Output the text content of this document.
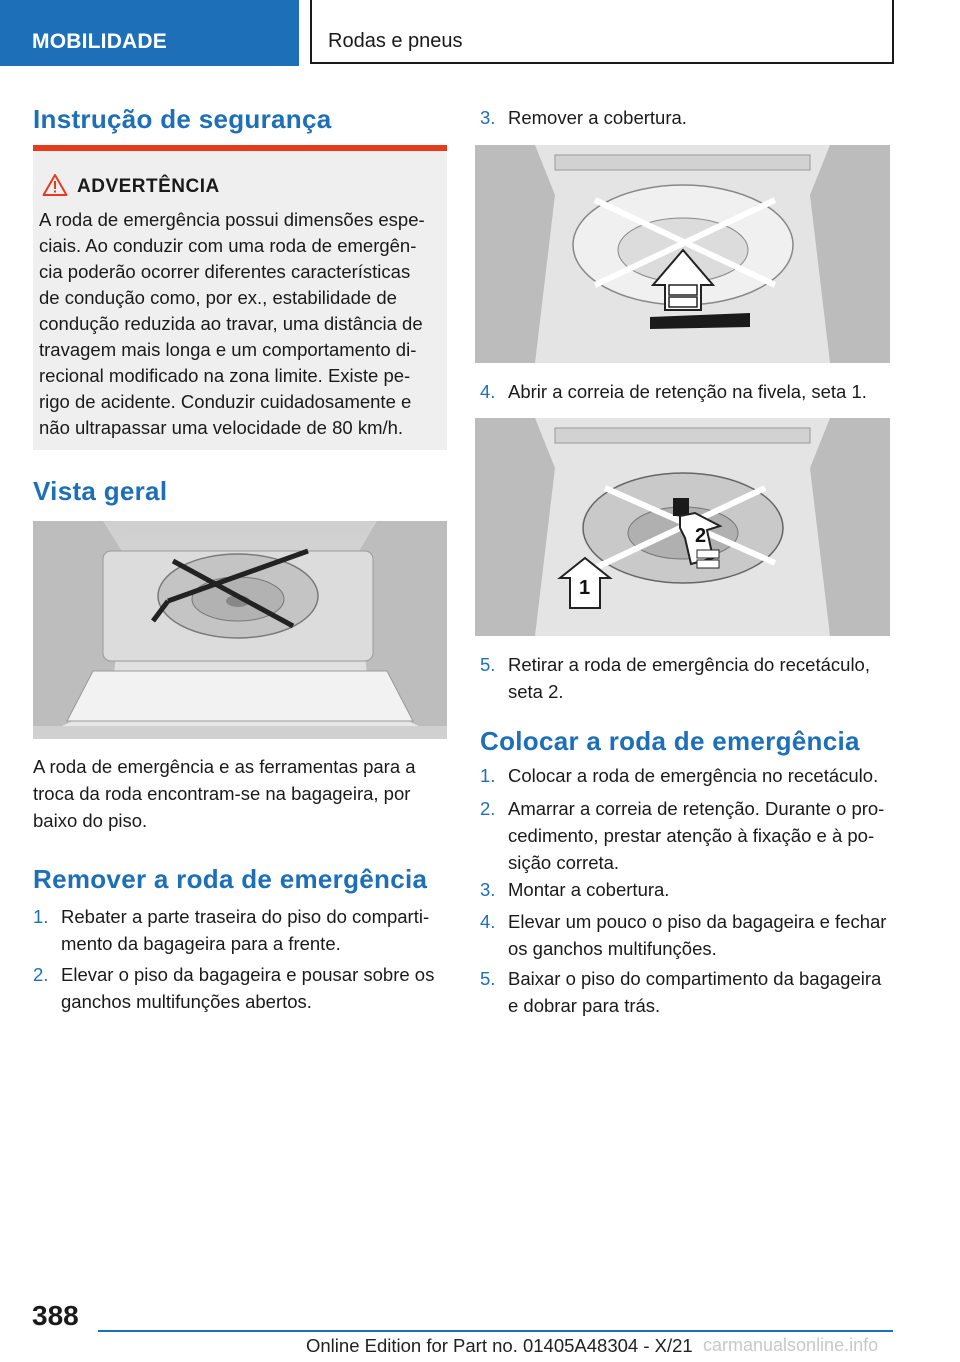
MOBILIDADE	Rodas e pneus
Instrução de segurança
ADVERTÊNCIA
A roda de emergência possui dimensões espe-
ciais. Ao conduzir com uma roda de emergên-
cia poderão ocorrer diferentes características
de condução como, por ex., estabilidade de
condução reduzida ao travar, uma distância de
travagem mais longa e um comportamento di-
recional modificado na zona limite. Existe pe-
rigo de acidente. Conduzir cuidadosamente e
não ultrapassar uma velocidade de 80 km/h.
Vista geral
A roda de emergência e as ferramentas para a
troca da roda encontram-se na bagageira, por
baixo do piso.
Remover a roda de emergência
1. Rebater a parte traseira do piso do comparti-
mento da bagageira para a frente.
2. Elevar o piso da bagageira e pousar sobre os
ganchos multifunções abertos.
3. Remover a cobertura.
4. Abrir a correia de retenção na fivela, seta 1.
2
1
5. Retirar a roda de emergência do recetáculo,
seta 2.
Colocar a roda de emergência
1. Colocar a roda de emergência no recetáculo.
2. Amarrar a correia de retenção. Durante o pro-
cedimento, prestar atenção à fixação e à po-
sição correta.
3. Montar a cobertura.
4. Elevar um pouco o piso da bagageira e fechar
os ganchos multifunções.
5. Baixar o piso do compartimento da bagageira
e dobrar para trás.
388
Online Edition for Part no. 01405A48304 - X/21 carmanualsonline.info
